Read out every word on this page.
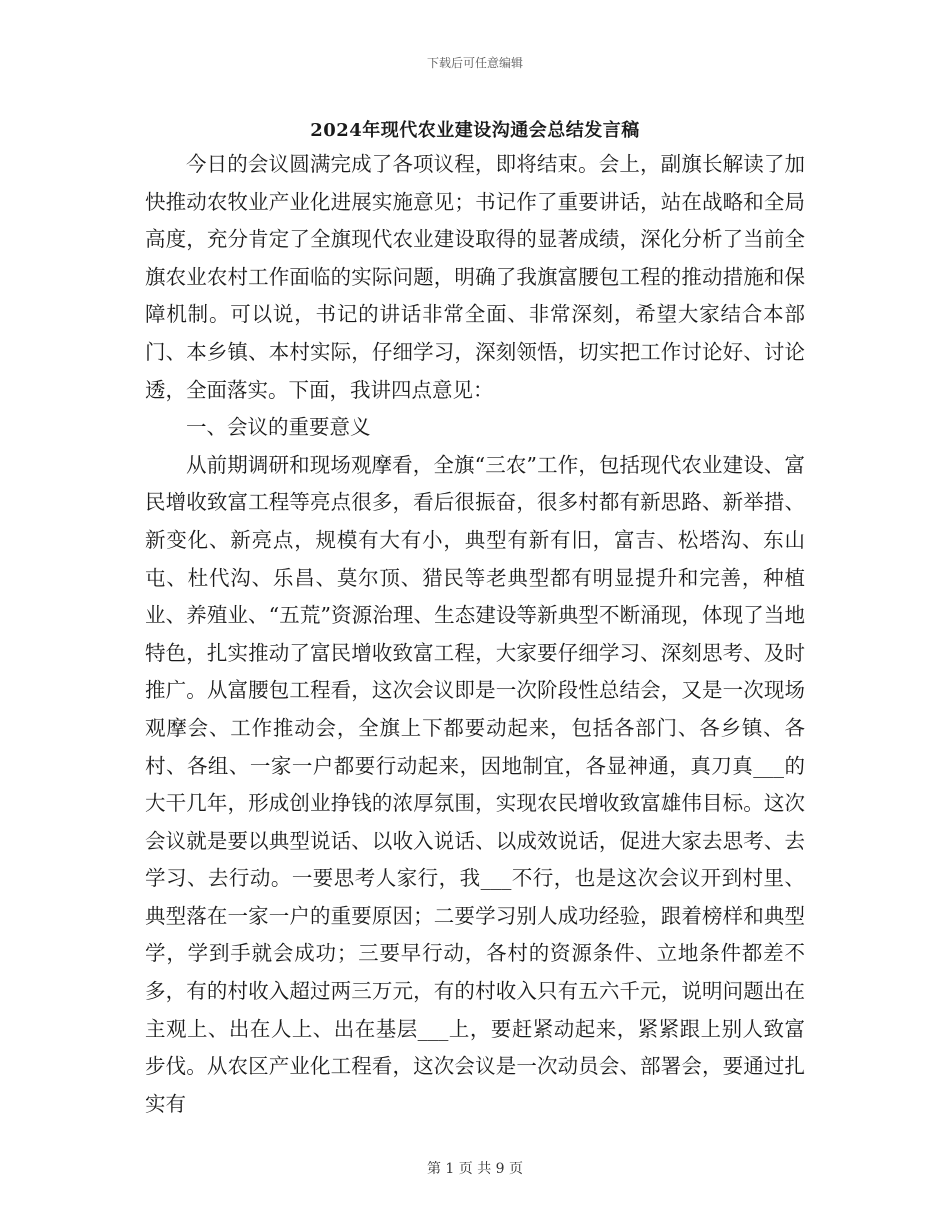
下载后可任意编辑
2024年现代农业建设沟通会总结发言稿

今日的会议圆满完成了各项议程，即将结束。会上，副旗长解读了加快推动农牧业产业化进展实施意见；书记作了重要讲话，站在战略和全局高度，充分肯定了全旗现代农业建设取得的显著成绩，深化分析了当前全旗农业农村工作面临的实际问题，明确了我旗富腰包工程的推动措施和保障机制。可以说，书记的讲话非常全面、非常深刻，希望大家结合本部门、本乡镇、本村实际，仔细学习，深刻领悟，切实把工作讨论好、讨论透，全面落实。下面，我讲四点意见：

一、会议的重要意义

从前期调研和现场观摩看，全旗“三农”工作，包括现代农业建设、富民增收致富工程等亮点很多，看后很振奋，很多村都有新思路、新举措、新变化、新亮点，规模有大有小，典型有新有旧，富吉、松塔沟、东山屯、杜代沟、乐昌、莫尔顶、猎民等老典型都有明显提升和完善，种植业、养殖业、“五荒”资源治理、生态建设等新典型不断涌现，体现了当地特色，扎实推动了富民增收致富工程，大家要仔细学习、深刻思考、及时推广。从富腰包工程看，这次会议即是一次阶段性总结会，又是一次现场观摩会、工作推动会，全旗上下都要动起来，包括各部门、各乡镇、各村、各组、一家一户都要行动起来，因地制宜，各显神通，真刀真___的大干几年，形成创业挣钱的浓厚氛围，实现农民增收致富雄伟目标。这次会议就是要以典型说话、以收入说话、以成效说话，促进大家去思考、去学习、去行动。一要思考人家行，我___不行，也是这次会议开到村里、典型落在一家一户的重要原因；二要学习别人成功经验，跟着榜样和典型学，学到手就会成功；三要早行动，各村的资源条件、立地条件都差不多，有的村收入超过两三万元，有的村收入只有五六千元，说明问题出在主观上、出在人上、出在基层___上，要赶紧动起来，紧紧跟上别人致富步伐。从农区产业化工程看，这次会议是一次动员会、部署会，要通过扎实有

第 1 页 共 9 页
